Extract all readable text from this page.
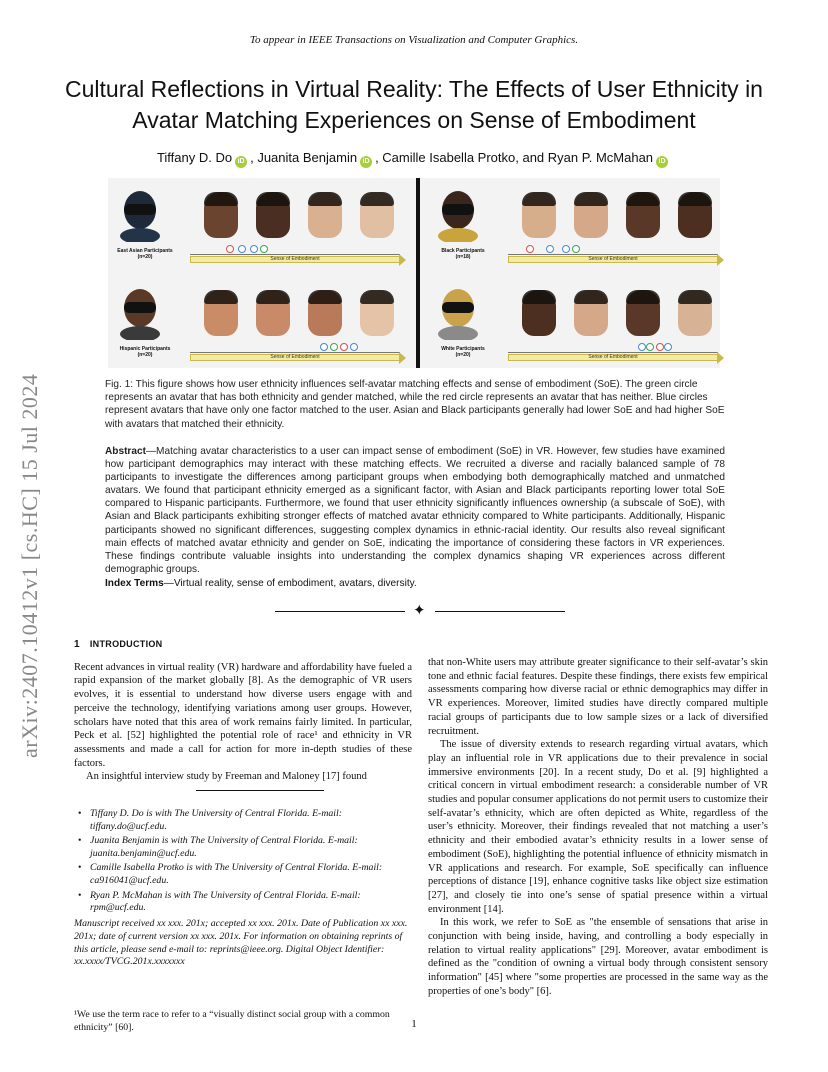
To appear in IEEE Transactions on Visualization and Computer Graphics.
arXiv:2407.10412v1 [cs.HC] 15 Jul 2024
Cultural Reflections in Virtual Reality: The Effects of User Ethnicity in Avatar Matching Experiences on Sense of Embodiment
Tiffany D. Do iD , Juanita Benjamin iD , Camille Isabella Protko, and Ryan P. McMahan iD
East Asian Participants
(n=20)	Sense of Embodiment
Black Participants
(n=18)	Sense of Embodiment
Hispanic Participants
(n=20)	Sense of Embodiment
White Participants
(n=20)	Sense of Embodiment
Fig. 1: This figure shows how user ethnicity influences self-avatar matching effects and sense of embodiment (SoE). The green circle represents an avatar that has both ethnicity and gender matched, while the red circle represents an avatar that has neither. Blue circles represent avatars that have only one factor matched to the user. Asian and Black participants generally had lower SoE and had higher SoE with avatars that matched their ethnicity.
Abstract—Matching avatar characteristics to a user can impact sense of embodiment (SoE) in VR. However, few studies have examined how participant demographics may interact with these matching effects. We recruited a diverse and racially balanced sample of 78 participants to investigate the differences among participant groups when embodying both demographically matched and unmatched avatars. We found that participant ethnicity emerged as a significant factor, with Asian and Black participants reporting lower total SoE compared to Hispanic participants. Furthermore, we found that user ethnicity significantly influences ownership (a subscale of SoE), with Asian and Black participants exhibiting stronger effects of matched avatar ethnicity compared to White participants. Additionally, Hispanic participants showed no significant differences, suggesting complex dynamics in ethnic-racial identity. Our results also reveal significant main effects of matched avatar ethnicity and gender on SoE, indicating the importance of considering these factors in VR experiences. These findings contribute valuable insights into understanding the complex dynamics shaping VR experiences across different demographic groups.
Index Terms—Virtual reality, sense of embodiment, avatars, diversity.
✦
1 INTRODUCTION

Recent advances in virtual reality (VR) hardware and affordability have fueled a rapid expansion of the market globally [8]. As the demographic of VR users evolves, it is essential to understand how diverse users engage with and perceive the technology, identifying variations among user groups. However, scholars have noted that this area of work remains fairly limited. In particular, Peck et al. [52] highlighted the potential role of race¹ and ethnicity in VR assessments and made a call for action for more in-depth studies of these factors.

An insightful interview study by Freeman and Maloney [17] found

• Tiffany D. Do is with The University of Central Florida. E-mail: tiffany.do@ucf.edu.
• Juanita Benjamin is with The University of Central Florida. E-mail: juanita.benjamin@ucf.edu.
• Camille Isabella Protko is with The University of Central Florida. E-mail: ca916041@ucf.edu.
• Ryan P. McMahan is with The University of Central Florida. E-mail: rpm@ucf.edu.
Manuscript received xx xxx. 201x; accepted xx xxx. 201x. Date of Publication xx xxx. 201x; date of current version xx xxx. 201x. For information on obtaining reprints of this article, please send e-mail to: reprints@ieee.org. Digital Object Identifier: xx.xxxx/TVCG.201x.xxxxxxx
¹We use the term race to refer to a “visually distinct social group with a common ethnicity” [60].

that non-White users may attribute greater significance to their self-avatar’s skin tone and ethnic facial features. Despite these findings, there exists few empirical assessments comparing how diverse racial or ethnic demographics may differ in VR experiences. Moreover, limited studies have directly compared multiple racial groups of participants due to low sample sizes or a lack of diversified recruitment.

The issue of diversity extends to research regarding virtual avatars, which play an influential role in VR applications due to their prevalence in social immersive environments [20]. In a recent study, Do et al. [9] highlighted a critical concern in virtual embodiment research: a considerable number of VR studies and popular consumer applications do not permit users to customize their self-avatar’s ethnicity, which are often depicted as White, regardless of the user’s ethnicity. Moreover, their findings revealed that not matching a user’s ethnicity and their embodied avatar’s ethnicity results in a lower sense of embodiment (SoE), highlighting the potential influence of ethnicity mismatch in VR applications and research. For example, SoE specifically can influence perceptions of distance [19], enhance cognitive tasks like object size estimation [27], and closely tie into one’s sense of spatial presence within a virtual environment [14].

In this work, we refer to SoE as "the ensemble of sensations that arise in conjunction with being inside, having, and controlling a body especially in relation to virtual reality applications" [29]. Moreover, avatar embodiment is defined as the "condition of owning a virtual body through consistent sensory information" [45] where "some properties are processed in the same way as the properties of one’s body" [6].

1
